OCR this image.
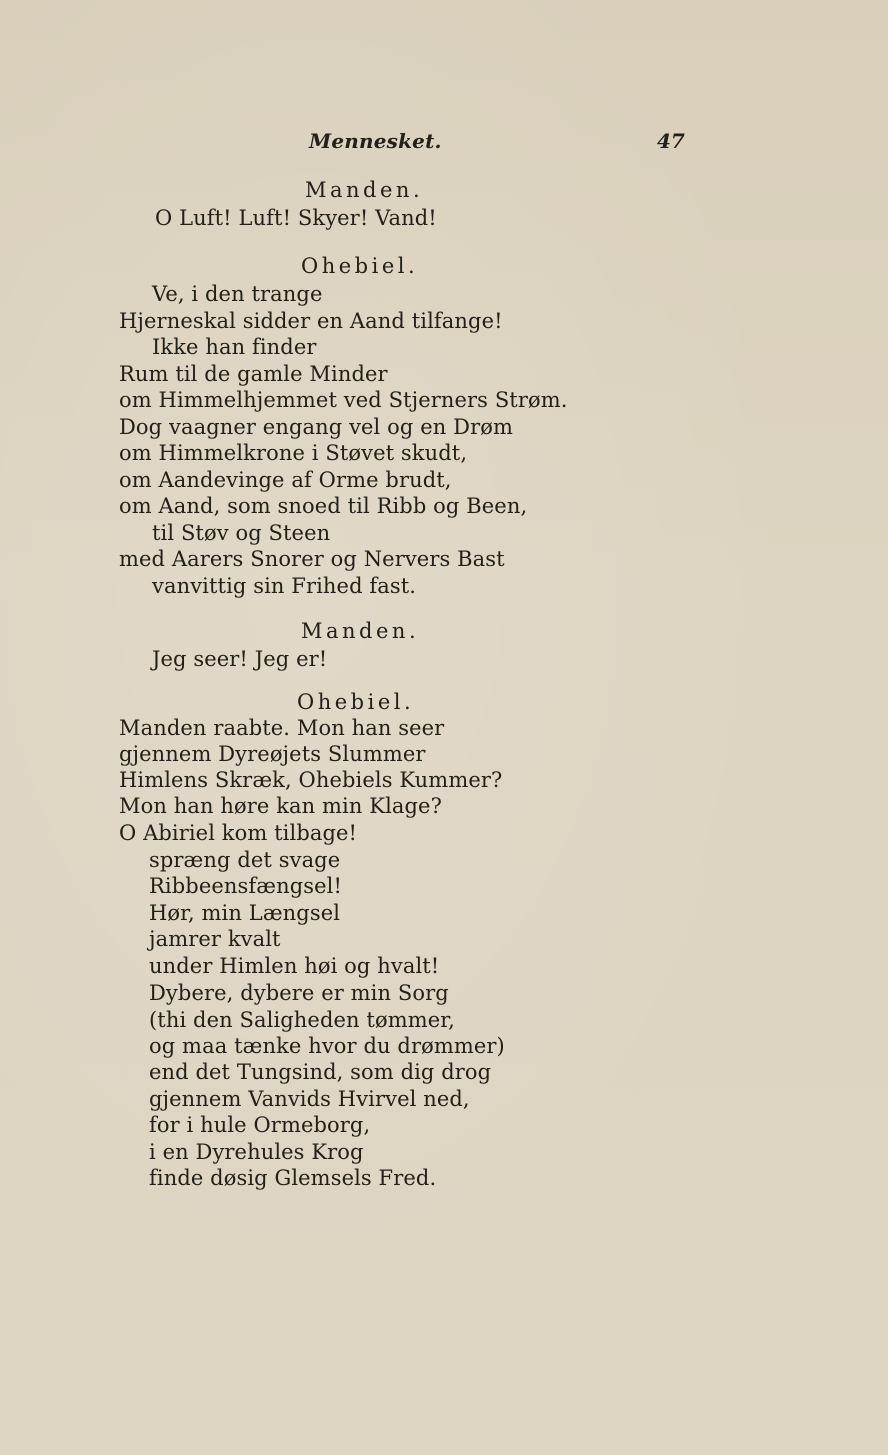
Mennesket.	47
Manden.
O Luft! Luft! Skyer! Vand!
Ohebiel.
Ve, i den trange
Hjerneskal sidder en Aand tilfange!
Ikke han finder
Rum til de gamle Minder
om Himmelhjemmet ved Stjerners Strøm.
Dog vaagner engang vel og en Drøm
om Himmelkrone i Støvet skudt,
om Aandevinge af Orme brudt,
om Aand, som snoed til Ribb og Been,
til Støv og Steen
med Aarers Snorer og Nervers Bast
vanvittig sin Frihed fast.
Manden.
Jeg seer! Jeg er!
Ohebiel.
Manden raabte. Mon han seer
gjennem Dyreøjets Slummer
Himlens Skræk, Ohebiels Kummer?
Mon han høre kan min Klage?
O Abiriel kom tilbage!
spræng det svage
Ribbeensfængsel!
Hør, min Længsel
jamrer kvalt
under Himlen høi og hvalt!
Dybere, dybere er min Sorg
(thi den Saligheden tømmer,
og maa tænke hvor du drømmer)
end det Tungsind, som dig drog
gjennem Vanvids Hvirvel ned,
for i hule Ormeborg,
i en Dyrehules Krog
finde døsig Glemsels Fred.
